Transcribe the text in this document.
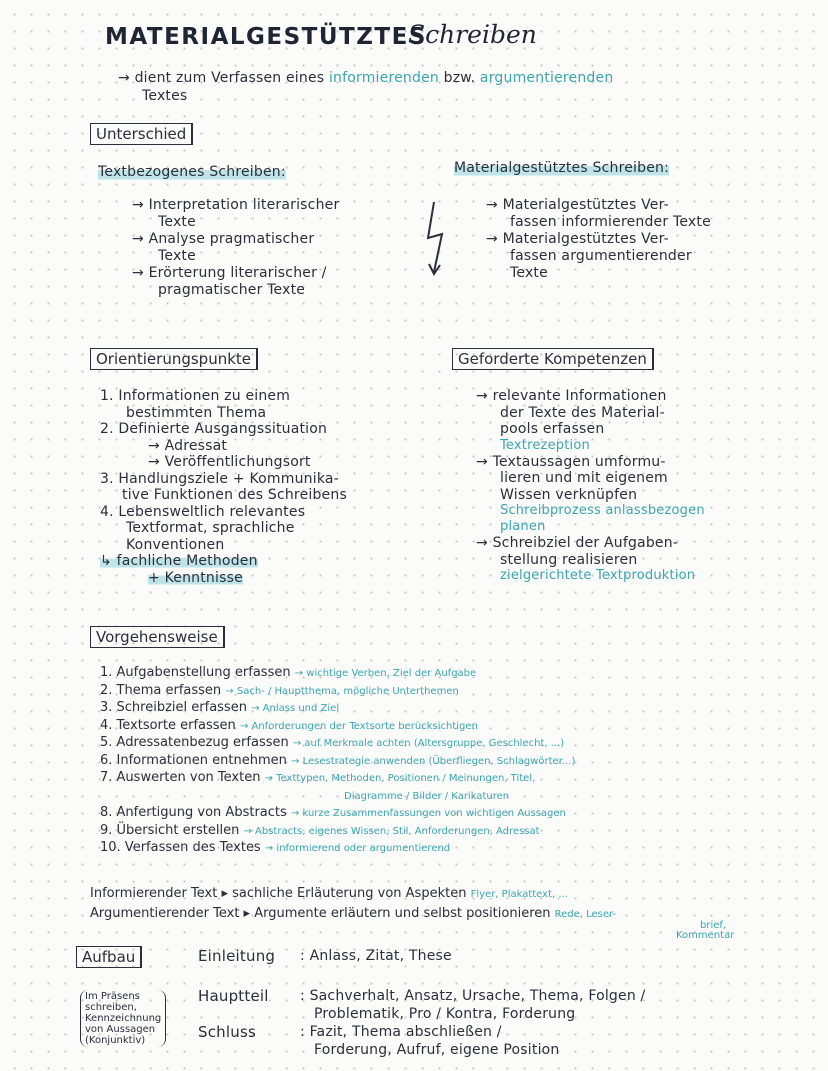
MATERIALGESTÜTZTES
Schreiben
→ dient zum Verfassen eines informierenden bzw. argumentierenden
Textes
Unterschied
Textbezogenes Schreiben:
→ Interpretation literarischer
Texte
→ Analyse pragmatischer
Texte
→ Erörterung literarischer /
pragmatischer Texte
Materialgestütztes Schreiben:
→ Materialgestütztes Ver-
fassen informierender Texte
→ Materialgestütztes Ver-
fassen argumentierender
Texte
Orientierungspunkte
1. Informationen zu einem
bestimmten Thema
2. Definierte Ausgangssituation
→ Adressat
→ Veröffentlichungsort
3. Handlungsziele + Kommunika-
tive Funktionen des Schreibens
4. Lebensweltlich relevantes
Textformat, sprachliche
Konventionen
↳ fachliche Methoden
+ Kenntnisse
Geforderte Kompetenzen
→ relevante Informationen
der Texte des Material-
pools erfassen
Textrezeption
→ Textaussagen umformu-
lieren und mit eigenem
Wissen verknüpfen
Schreibprozess anlassbezogen
planen
→ Schreibziel der Aufgaben-
stellung realisieren
zielgerichtete Textproduktion
Vorgehensweise
1. Aufgabenstellung erfassen → wichtige Verben, Ziel der Aufgabe
2. Thema erfassen → Sach- / Hauptthema, mögliche Unterthemen
3. Schreibziel erfassen → Anlass und Ziel
4. Textsorte erfassen → Anforderungen der Textsorte berücksichtigen
5. Adressatenbezug erfassen → auf Merkmale achten (Altersgruppe, Geschlecht, ...)
6. Informationen entnehmen → Lesestrategie anwenden (Überfliegen, Schlagwörter...)
7. Auswerten von Texten → Texttypen, Methoden, Positionen / Meinungen, Titel,
Diagramme / Bilder / Karikaturen
8. Anfertigung von Abstracts → kurze Zusammenfassungen von wichtigen Aussagen
9. Übersicht erstellen → Abstracts, eigenes Wissen, Stil, Anforderungen, Adressat
10. Verfassen des Textes → informierend oder argumentierend
Informierender Text ▸ sachliche Erläuterung von Aspekten Flyer, Plakattext, ...
Argumentierender Text ▸ Argumente erläutern und selbst positionieren Rede, Leser-
brief,
Kommentar
Aufbau	Einleitung : Anlass, Zitat, These
Im Präsens
schreiben,
Kennzeichnung
von Aussagen
(Konjunktiv)
Hauptteil : Sachverhalt, Ansatz, Ursache, Thema, Folgen /
Problematik, Pro / Kontra, Forderung
Schluss	: Fazit, Thema abschließen /
Forderung, Aufruf, eigene Position
